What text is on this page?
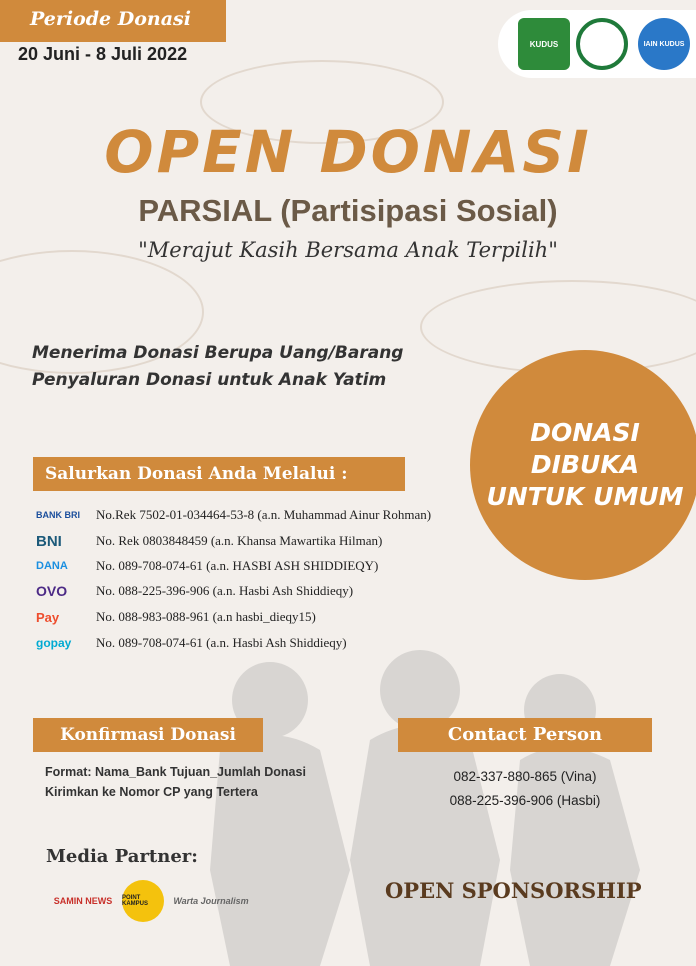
Periode Donasi
20 Juni - 8 Juli 2022	KUDUS	IAIN KUDUS
OPEN DONASI
PARSIAL (Partisipasi Sosial)
"Merajut Kasih Bersama Anak Terpilih"
Menerima Donasi Berupa Uang/Barang
Penyaluran Donasi untuk Anak Yatim
DONASI
DIBUKA
UNTUK UMUM
Salurkan Donasi Anda Melalui :
BANK BRI	No.Rek 7502-01-034464-53-8 (a.n. Muhammad Ainur Rohman)
BNI	No. Rek 0803848459 (a.n. Khansa Mawartika Hilman)
DANA	No. 089-708-074-61 (a.n. HASBI ASH SHIDDIEQY)
OVO	No. 088-225-396-906 (a.n. Hasbi Ash Shiddieqy)
Pay	No. 088-983-088-961 (a.n hasbi_dieqy15)
gopay	No. 089-708-074-61 (a.n. Hasbi Ash Shiddieqy)
Konfirmasi Donasi
Format: Nama_Bank Tujuan_Jumlah Donasi
Kirimkan ke Nomor CP yang Tertera
Contact Person
082-337-880-865 (Vina)
088-225-396-906 (Hasbi)
Media Partner:
SAMIN NEWS	POINT KAMPUS	Warta Journalism	OPEN SPONSORSHIP
